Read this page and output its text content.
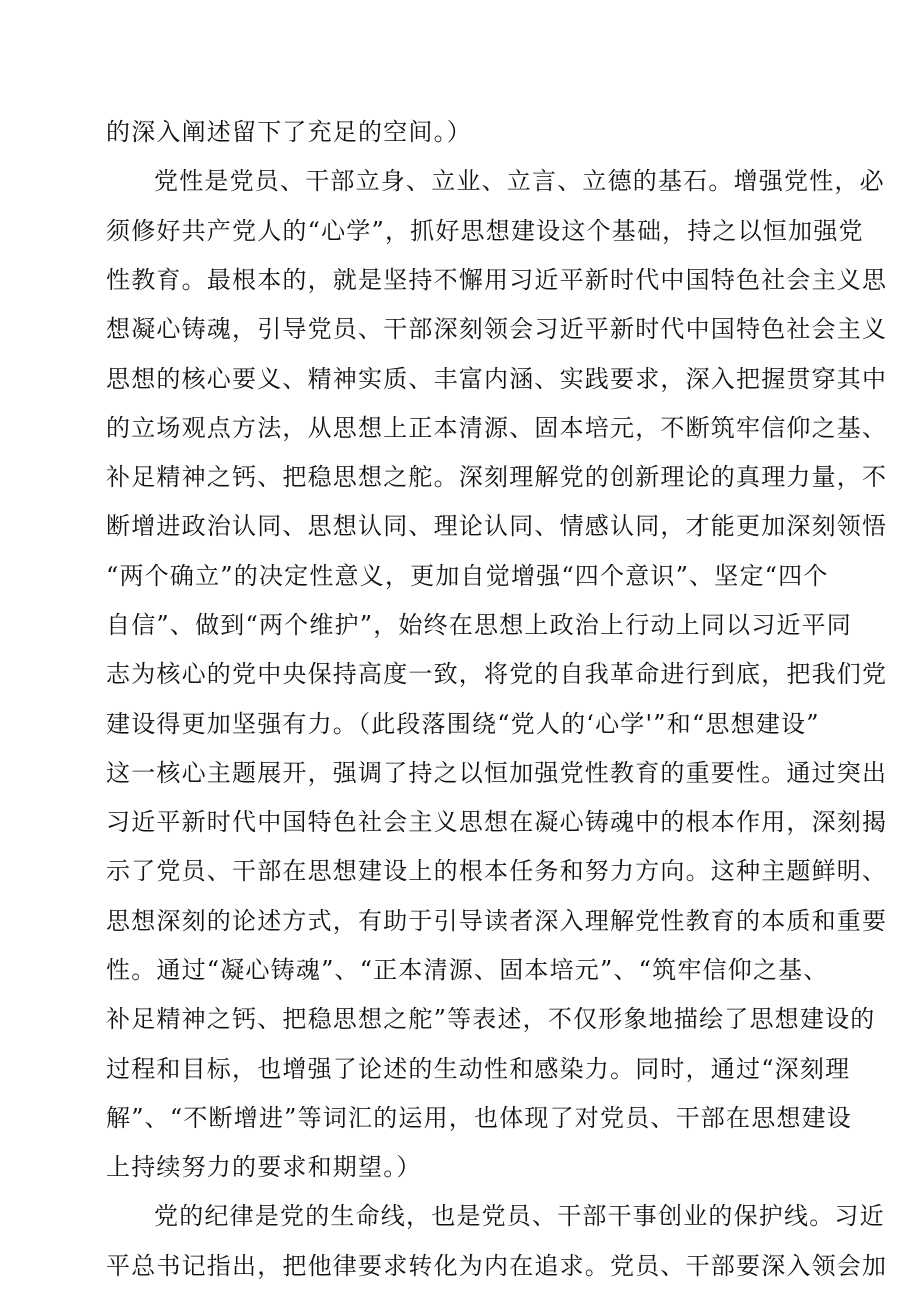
的深入阐述留下了充足的空间。）
党性是党员、干部立身、立业、立言、立德的基石。增强党性，必
须修好共产党人的“心学”，抓好思想建设这个基础，持之以恒加强党
性教育。最根本的，就是坚持不懈用习近平新时代中国特色社会主义思
想凝心铸魂，引导党员、干部深刻领会习近平新时代中国特色社会主义
思想的核心要义、精神实质、丰富内涵、实践要求，深入把握贯穿其中
的立场观点方法，从思想上正本清源、固本培元，不断筑牢信仰之基、
补足精神之钙、把稳思想之舵。深刻理解党的创新理论的真理力量，不
断增进政治认同、思想认同、理论认同、情感认同，才能更加深刻领悟
“两个确立”的决定性意义，更加自觉增强“四个意识”、坚定“四个
自信”、做到“两个维护”，始终在思想上政治上行动上同以习近平同
志为核心的党中央保持高度一致，将党的自我革命进行到底，把我们党
建设得更加坚强有力。（此段落围绕“党人的‘心学'”和“思想建设”
这一核心主题展开，强调了持之以恒加强党性教育的重要性。通过突出
习近平新时代中国特色社会主义思想在凝心铸魂中的根本作用，深刻揭
示了党员、干部在思想建设上的根本任务和努力方向。这种主题鲜明、
思想深刻的论述方式，有助于引导读者深入理解党性教育的本质和重要
性。通过“凝心铸魂”、“正本清源、固本培元”、“筑牢信仰之基、
补足精神之钙、把稳思想之舵”等表述，不仅形象地描绘了思想建设的
过程和目标，也增强了论述的生动性和感染力。同时，通过“深刻理
解”、“不断增进”等词汇的运用，也体现了对党员、干部在思想建设
上持续努力的要求和期望。）
党的纪律是党的生命线，也是党员、干部干事创业的保护线。习近
平总书记指出，把他律要求转化为内在追求。党员、干部要深入领会加
